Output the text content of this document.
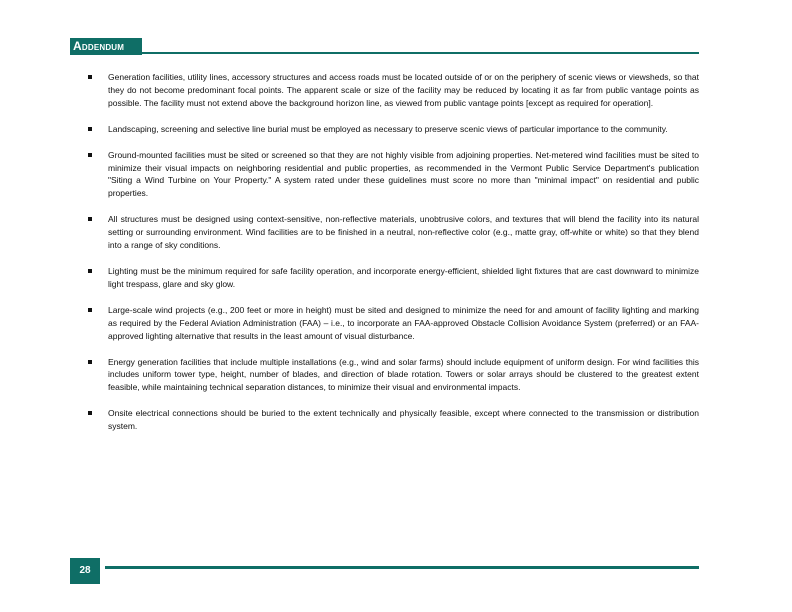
Addendum
Generation facilities, utility lines, accessory structures and access roads must be located outside of or on the periphery of scenic views or viewsheds, so that they do not become predominant focal points. The apparent scale or size of the facility may be reduced by locating it as far from public vantage points as possible. The facility must not extend above the background horizon line, as viewed from public vantage points [except as required for operation].
Landscaping, screening and selective line burial must be employed as necessary to preserve scenic views of particular importance to the community.
Ground-mounted facilities must be sited or screened so that they are not highly visible from adjoining properties. Net-metered wind facilities must be sited to minimize their visual impacts on neighboring residential and public properties, as recommended in the Vermont Public Service Department's publication "Siting a Wind Turbine on Your Property." A system rated under these guidelines must score no more than "minimal impact" on residential and public properties.
All structures must be designed using context-sensitive, non-reflective materials, unobtrusive colors, and textures that will blend the facility into its natural setting or surrounding environment. Wind facilities are to be finished in a neutral, non-reflective color (e.g., matte gray, off-white or white) so that they blend into a range of sky conditions.
Lighting must be the minimum required for safe facility operation, and incorporate energy-efficient, shielded light fixtures that are cast downward to minimize light trespass, glare and sky glow.
Large-scale wind projects (e.g., 200 feet or more in height) must be sited and designed to minimize the need for and amount of facility lighting and marking as required by the Federal Aviation Administration (FAA) – i.e., to incorporate an FAA-approved Obstacle Collision Avoidance System (preferred) or an FAA- approved lighting alternative that results in the least amount of visual disturbance.
Energy generation facilities that include multiple installations (e.g., wind and solar farms) should include equipment of uniform design. For wind facilities this includes uniform tower type, height, number of blades, and direction of blade rotation. Towers or solar arrays should be clustered to the greatest extent feasible, while maintaining technical separation distances, to minimize their visual and environmental impacts.
Onsite electrical connections should be buried to the extent technically and physically feasible, except where connected to the transmission or distribution system.
28
